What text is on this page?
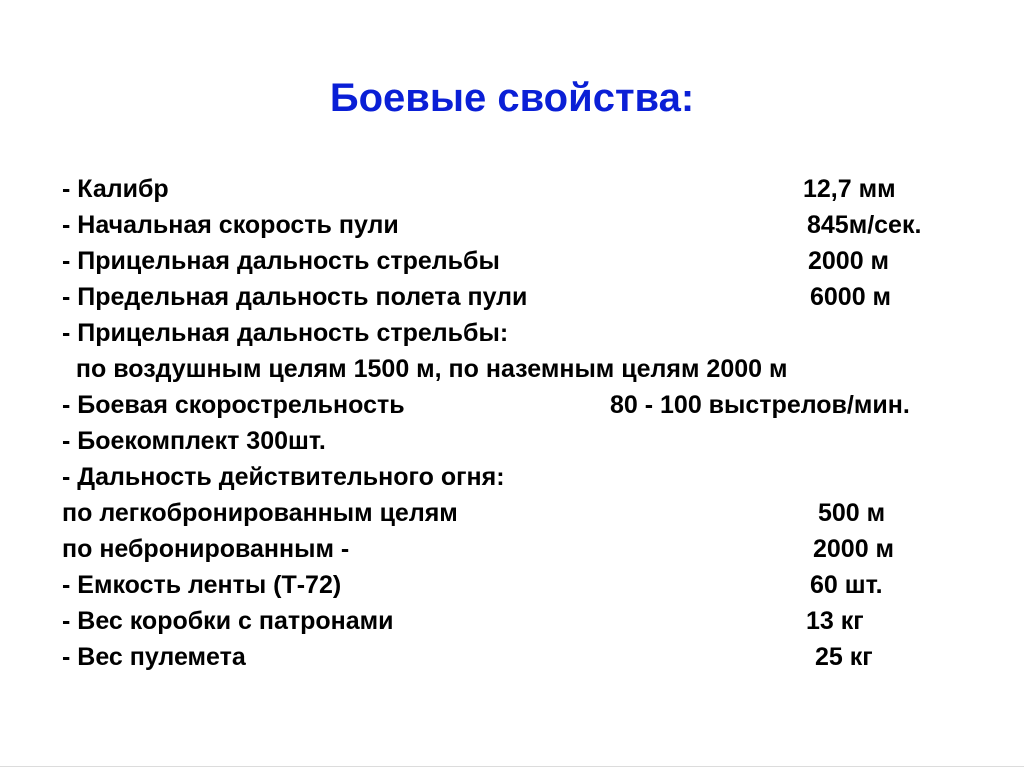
Боевые свойства:

- Калибр	12,7 мм

- Начальная скорость пули	845м/сек.

- Прицельная дальность стрельбы	2000 м

- Предельная дальность полета пули	6000 м

- Прицельная дальность стрельбы:

по воздушным целям 1500 м, по наземным целям 2000 м

- Боевая скорострельность	80 - 100 выстрелов/мин.

- Боекомплект 300шт.

- Дальность действительного огня:

по легкобронированным целям	500 м

по небронированным -	2000 м

- Емкость ленты (Т-72)	60 шт.

- Вес коробки с патронами	13 кг

- Вес пулемета	25 кг
